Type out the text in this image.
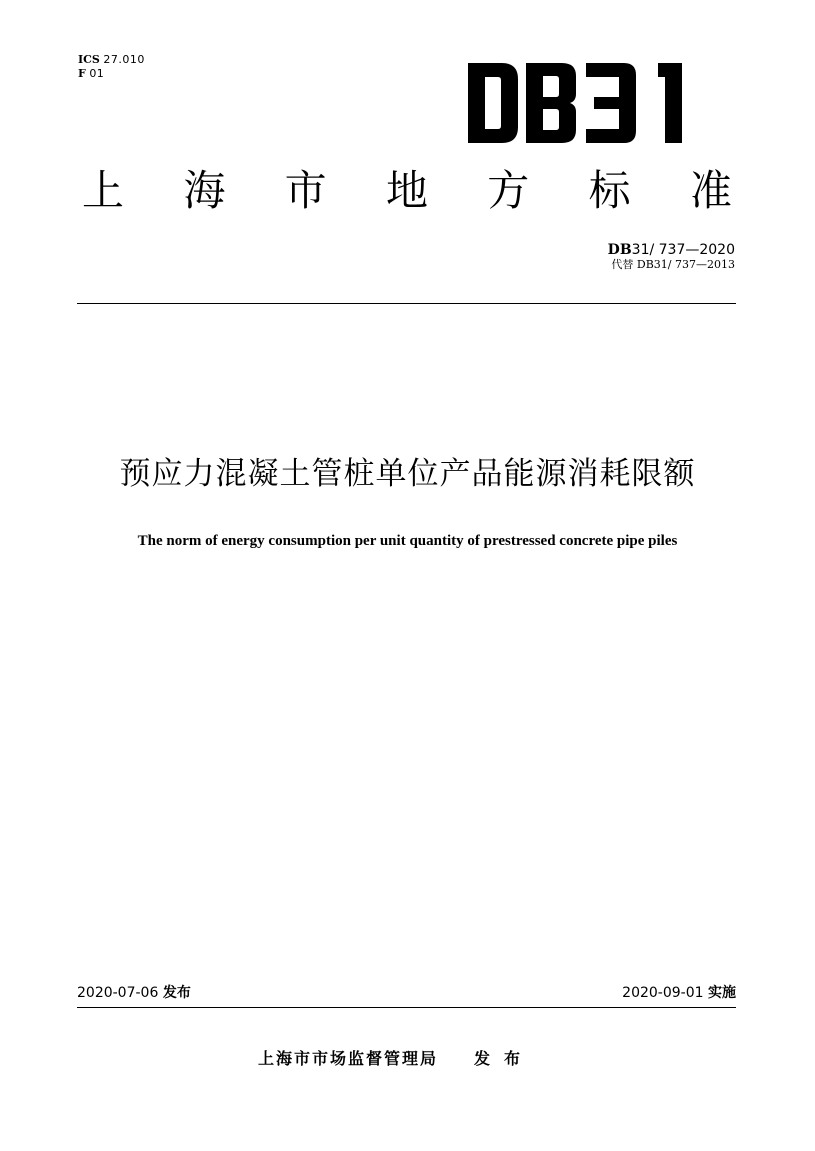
ICS 27.010
F 01
上 海 市 地 方 标 准
DB31/ 737—2020
代替 DB31/ 737—2013
预应力混凝土管桩单位产品能源消耗限额
The norm of energy consumption per unit quantity of prestressed concrete pipe piles
2020-07-06 发布	2020-09-01 实施
上海市市场监督管理局 发布
